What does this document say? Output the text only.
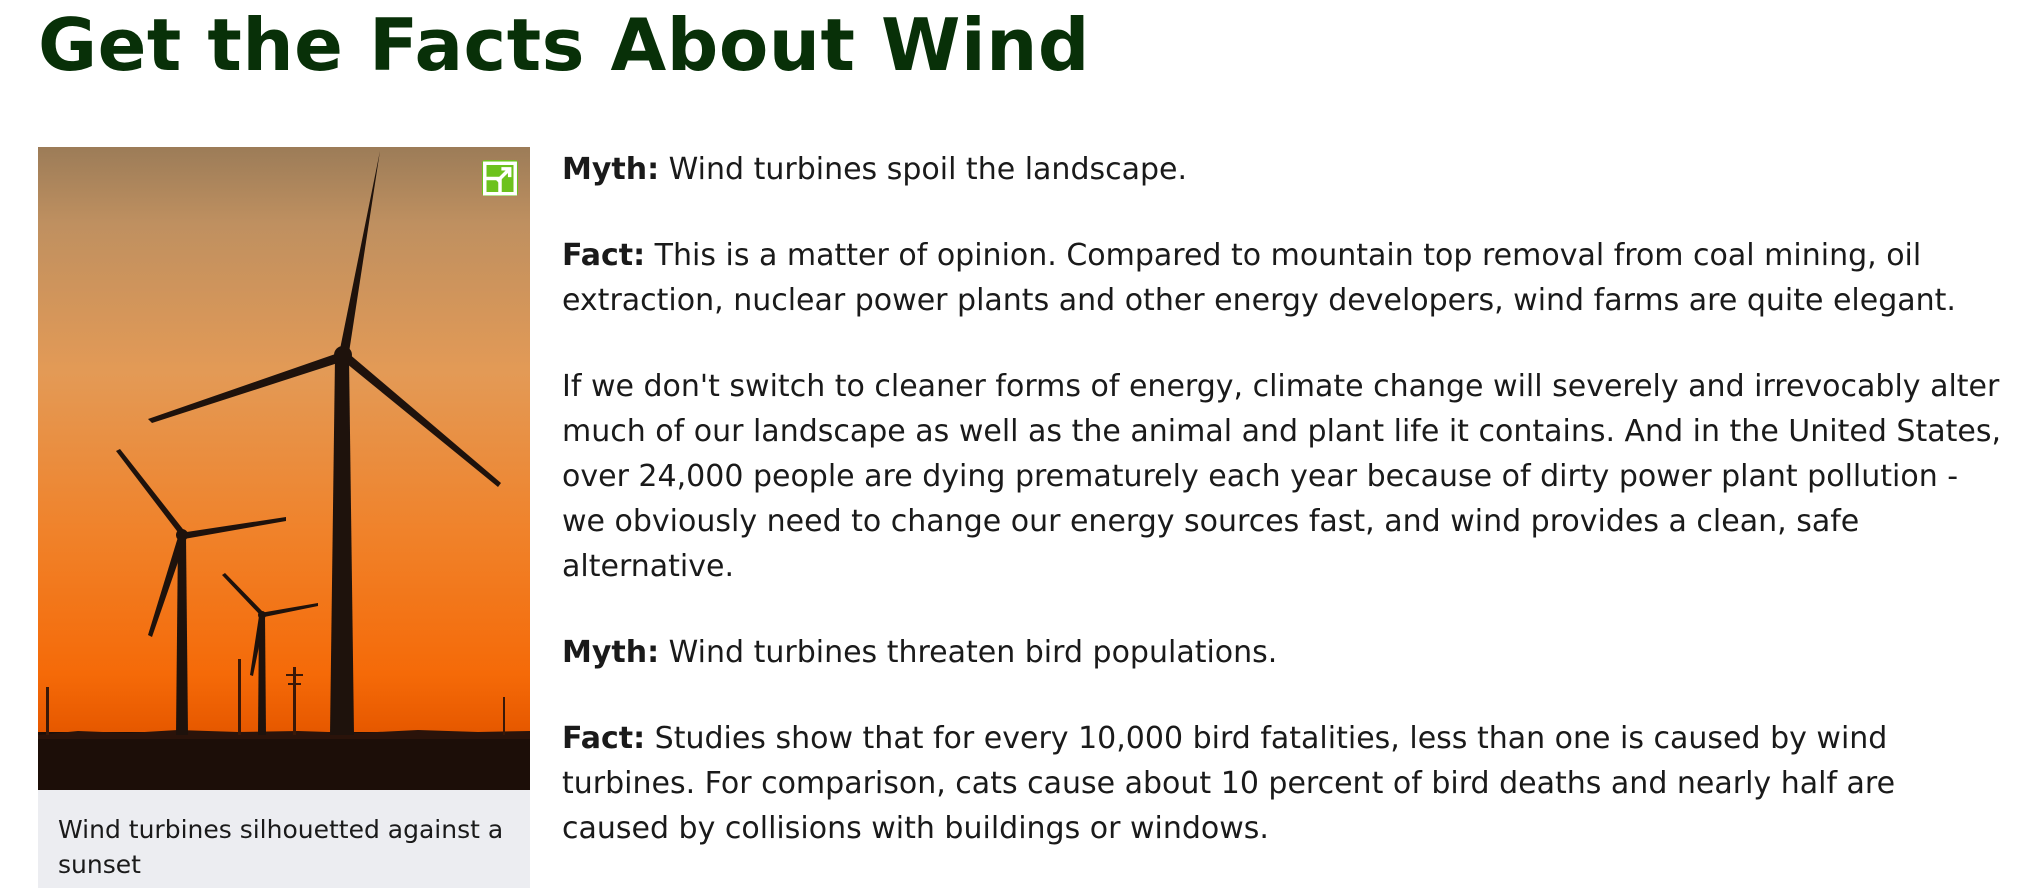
Get the Facts About Wind
Wind turbines silhouetted against a sunset

Myth: Wind turbines spoil the landscape.

Fact: This is a matter of opinion. Compared to mountain top removal from coal mining, oil extraction, nuclear power plants and other energy developers, wind farms are quite elegant.

If we don't switch to cleaner forms of energy, climate change will severely and irrevocably alter much of our landscape as well as the animal and plant life it contains. And in the United States, over 24,000 people are dying prematurely each year because of dirty power plant pollution - we obviously need to change our energy sources fast, and wind provides a clean, safe alternative.

Myth: Wind turbines threaten bird populations.

Fact: Studies show that for every 10,000 bird fatalities, less than one is caused by wind turbines. For comparison, cats cause about 10 percent of bird deaths and nearly half are caused by collisions with buildings or windows.
